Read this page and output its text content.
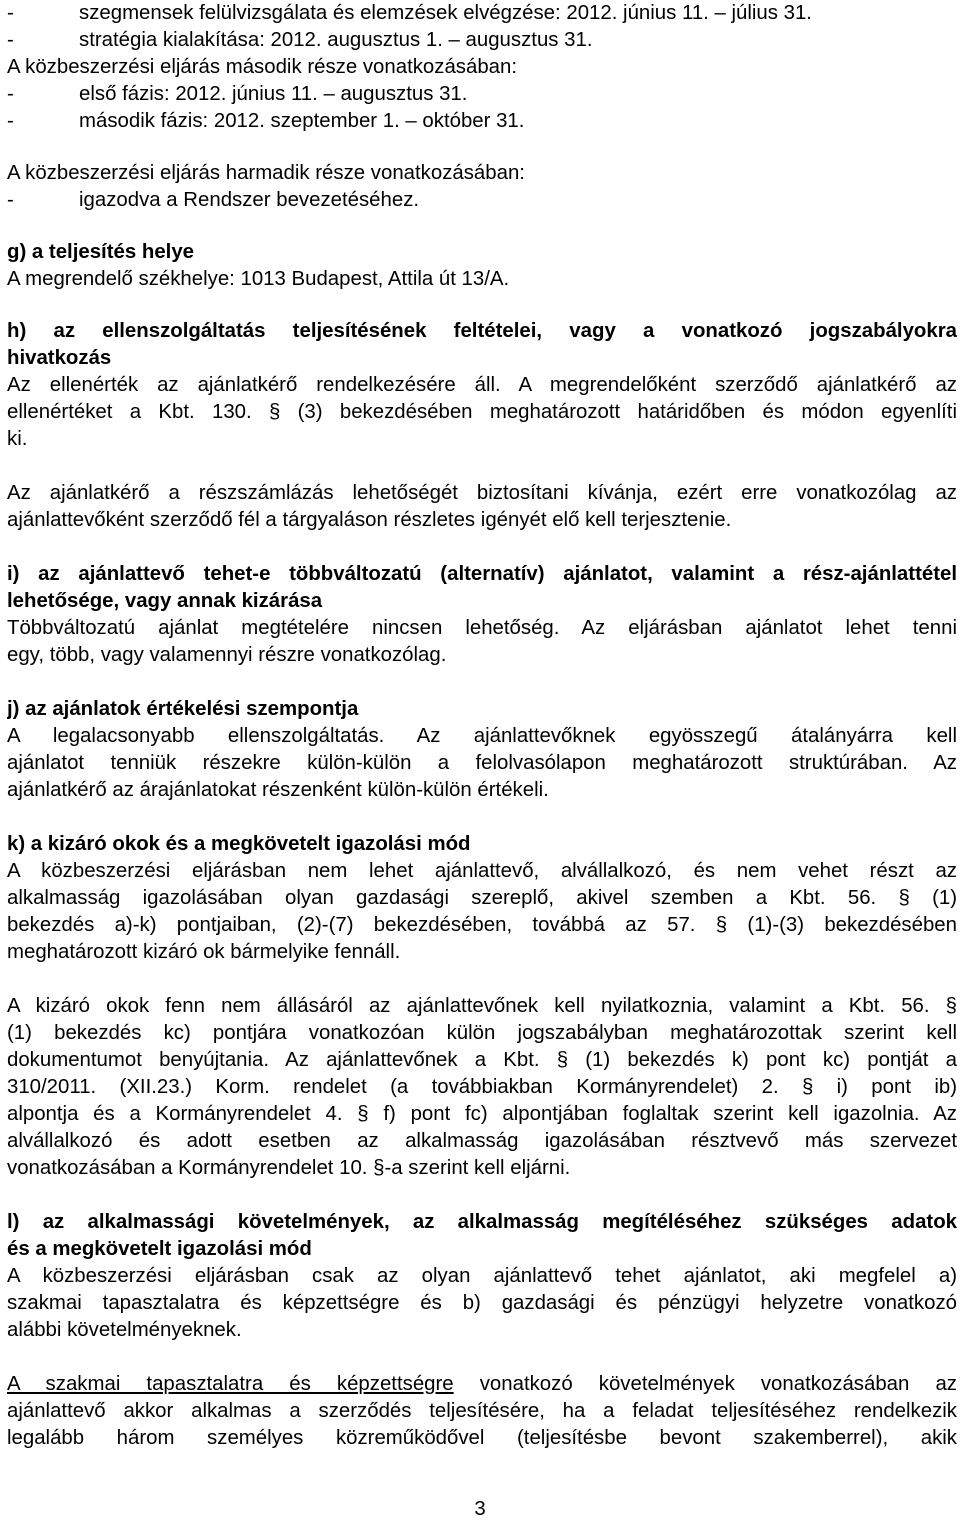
-	szegmensek felülvizsgálata és elemzések elvégzése: 2012. június 11. – július 31.
-	stratégia kialakítása: 2012. augusztus 1. – augusztus 31.
A közbeszerzési eljárás második része vonatkozásában:
-	első fázis: 2012. június 11. – augusztus 31.
-	második fázis: 2012. szeptember 1. – október 31.
A közbeszerzési eljárás harmadik része vonatkozásában:
-	igazodva a Rendszer bevezetéséhez.
g) a teljesítés helye
A megrendelő székhelye: 1013 Budapest, Attila út 13/A.
h) az ellenszolgáltatás teljesítésének feltételei, vagy a vonatkozó jogszabályokra
hivatkozás
Az ellenérték az ajánlatkérő rendelkezésére áll. A megrendelőként szerződő ajánlatkérő az
ellenértéket a Kbt. 130. § (3) bekezdésében meghatározott határidőben és módon egyenlíti
ki.
Az ajánlatkérő a részszámlázás lehetőségét biztosítani kívánja, ezért erre vonatkozólag az
ajánlattevőként szerződő fél a tárgyaláson részletes igényét elő kell terjesztenie.
i) az ajánlattevő tehet-e többváltozatú (alternatív) ajánlatot, valamint a rész-ajánlattétel
lehetősége, vagy annak kizárása
Többváltozatú ajánlat megtételére nincsen lehetőség. Az eljárásban ajánlatot lehet tenni
egy, több, vagy valamennyi részre vonatkozólag.
j) az ajánlatok értékelési szempontja
A legalacsonyabb ellenszolgáltatás. Az ajánlattevőknek egyösszegű átalányárra kell
ajánlatot tenniük részekre külön-külön a felolvasólapon meghatározott struktúrában. Az
ajánlatkérő az árajánlatokat részenként külön-külön értékeli.
k) a kizáró okok és a megkövetelt igazolási mód
A közbeszerzési eljárásban nem lehet ajánlattevő, alvállalkozó, és nem vehet részt az
alkalmasság igazolásában olyan gazdasági szereplő, akivel szemben a Kbt. 56. § (1)
bekezdés a)-k) pontjaiban, (2)-(7) bekezdésében, továbbá az 57. § (1)-(3) bekezdésében
meghatározott kizáró ok bármelyike fennáll.
A kizáró okok fenn nem állásáról az ajánlattevőnek kell nyilatkoznia, valamint a Kbt. 56. §
(1) bekezdés kc) pontjára vonatkozóan külön jogszabályban meghatározottak szerint kell
dokumentumot benyújtania. Az ajánlattevőnek a Kbt. § (1) bekezdés k) pont kc) pontját a
310/2011. (XII.23.) Korm. rendelet (a továbbiakban Kormányrendelet) 2. § i) pont ib)
alpontja és a Kormányrendelet 4. § f) pont fc) alpontjában foglaltak szerint kell igazolnia. Az
alvállalkozó és adott esetben az alkalmasság igazolásában résztvevő más szervezet
vonatkozásában a Kormányrendelet 10. §-a szerint kell eljárni.
l) az alkalmassági követelmények, az alkalmasság megítéléséhez szükséges adatok
és a megkövetelt igazolási mód
A közbeszerzési eljárásban csak az olyan ajánlattevő tehet ajánlatot, aki megfelel a)
szakmai tapasztalatra és képzettségre és b) gazdasági és pénzügyi helyzetre vonatkozó
alábbi követelményeknek.
A szakmai tapasztalatra és képzettségre vonatkozó követelmények vonatkozásában az
ajánlattevő akkor alkalmas a szerződés teljesítésére, ha a feladat teljesítéséhez rendelkezik
legalább három személyes közreműködővel (teljesítésbe bevont szakemberrel), akik
3
